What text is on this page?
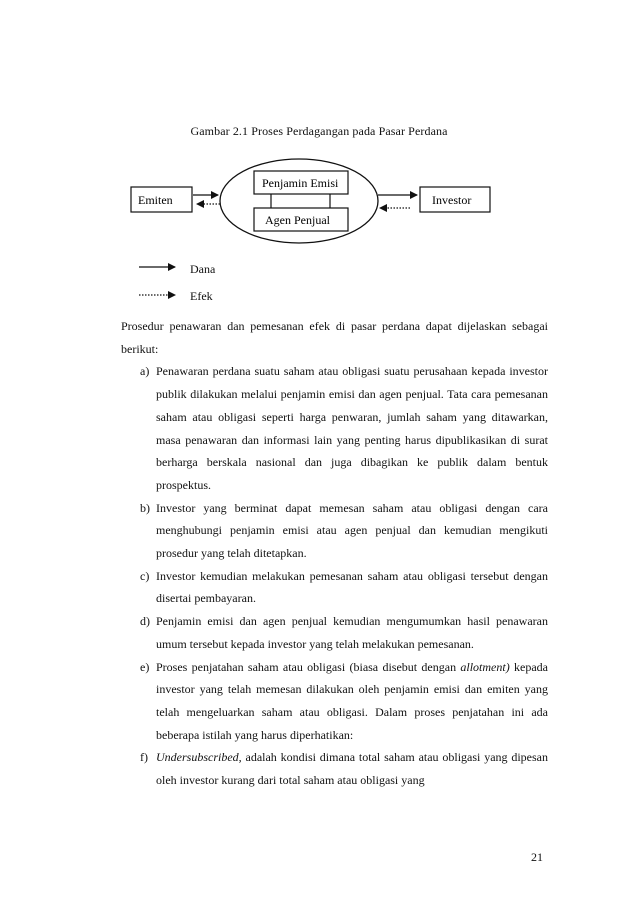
Gambar 2.1 Proses Perdagangan pada Pasar Perdana
Emiten	Investor
Penjamin Emisi
Agen Penjual
Dana
Efek

Prosedur penawaran dan pemesanan efek di pasar perdana dapat dijelaskan sebagai berikut:

a) Penawaran perdana suatu saham atau obligasi suatu perusahaan kepada investor publik dilakukan melalui penjamin emisi dan agen penjual. Tata cara pemesanan saham atau obligasi seperti harga penwaran, jumlah saham yang ditawarkan, masa penawaran dan informasi lain yang penting harus dipublikasikan di surat berharga berskala nasional dan juga dibagikan ke publik dalam bentuk prospektus.
b) Investor yang berminat dapat memesan saham atau obligasi dengan cara menghubungi penjamin emisi atau agen penjual dan kemudian mengikuti prosedur yang telah ditetapkan.
c) Investor kemudian melakukan pemesanan saham atau obligasi tersebut dengan disertai pembayaran.
d) Penjamin emisi dan agen penjual kemudian mengumumkan hasil penawaran umum tersebut kepada investor yang telah melakukan pemesanan.
e) Proses penjatahan saham atau obligasi (biasa disebut dengan allotment) kepada investor yang telah memesan dilakukan oleh penjamin emisi dan emiten yang telah mengeluarkan saham atau obligasi. Dalam proses penjatahan ini ada beberapa istilah yang harus diperhatikan:
f) Undersubscribed, adalah kondisi dimana total saham atau obligasi yang dipesan oleh investor kurang dari total saham atau obligasi yang
21
